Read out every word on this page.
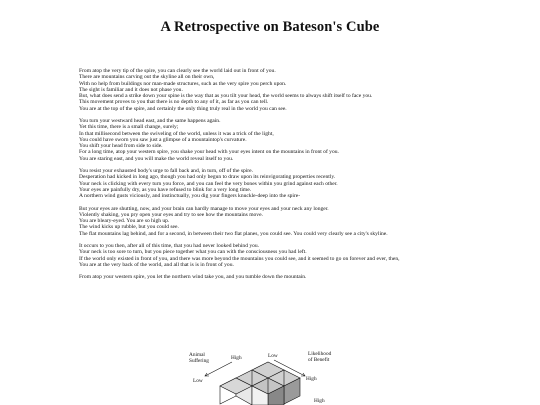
A Retrospective on Bateson's Cube
From atop the very tip of the spire, you can clearly see the world laid out in front of you.
There are mountains carving out the skyline all on their own,
With no help from buildings nor man-made structures, such as the very spire you perch upon.
The sight is familiar and it does not phase you.
But, what does send a strike down your spine is the way that as you tilt your head, the world seems to always shift itself to face you.
This movement proves to you that there is no depth to any of it, as far as you can tell.
You are at the top of the spire, and certainly the only thing truly real in the world you can see.
You turn your westward head east, and the same happens again.
Yet this time, there is a small change, surely;
In that millisecond between the swiveling of the world, unless it was a trick of the light,
You could have sworn you saw just a glimpse of a mountaintop's curvature.
You shift your head from side to side.
For a long time, atop your western spire, you shake your head with your eyes intent on the mountains in front of you.
You are staring east, and you will make the world reveal itself to you.
You resist your exhausted body's urge to fall back and, in turn, off of the spire.
Desperation had kicked in long ago, though you had only begun to draw upon its reinvigorating properties recently.
Your neck is clicking with every turn you force, and you can feel the very bones within you grind against each other.
Your eyes are painfully dry, as you have refused to blink for a very long time.
A northern wind gusts viciously, and instinctually, you dig your fingers knuckle-deep into the spire-
But your eyes are shutting, now, and your brain can hardly manage to move your eyes and your neck any longer.
Violently shaking, you pry open your eyes and try to see how the mountains move.
You are bleary-eyed. You are so high up.
The wind kicks up rubble, but you could see.
The flat mountains lag behind, and for a second, in between their two flat planes, you could see. You could very clearly see a city's skyline.
It occurs to you then, after all of this time, that you had never looked behind you.
Your neck is too sore to turn, but you piece together what you can with the consciousness you had left.
If the world only existed in front of you, and there was more beyond the mountains you could see, and it seemed to go on forever and ever, then,
You are at the very back of the world, and all that is is in front of you.
From atop your western spire, you let the northern wind take you, and you tumble down the mountain.
Animal
Suffering	High	Low	Likelihood
of Benefit
Low	High
High
